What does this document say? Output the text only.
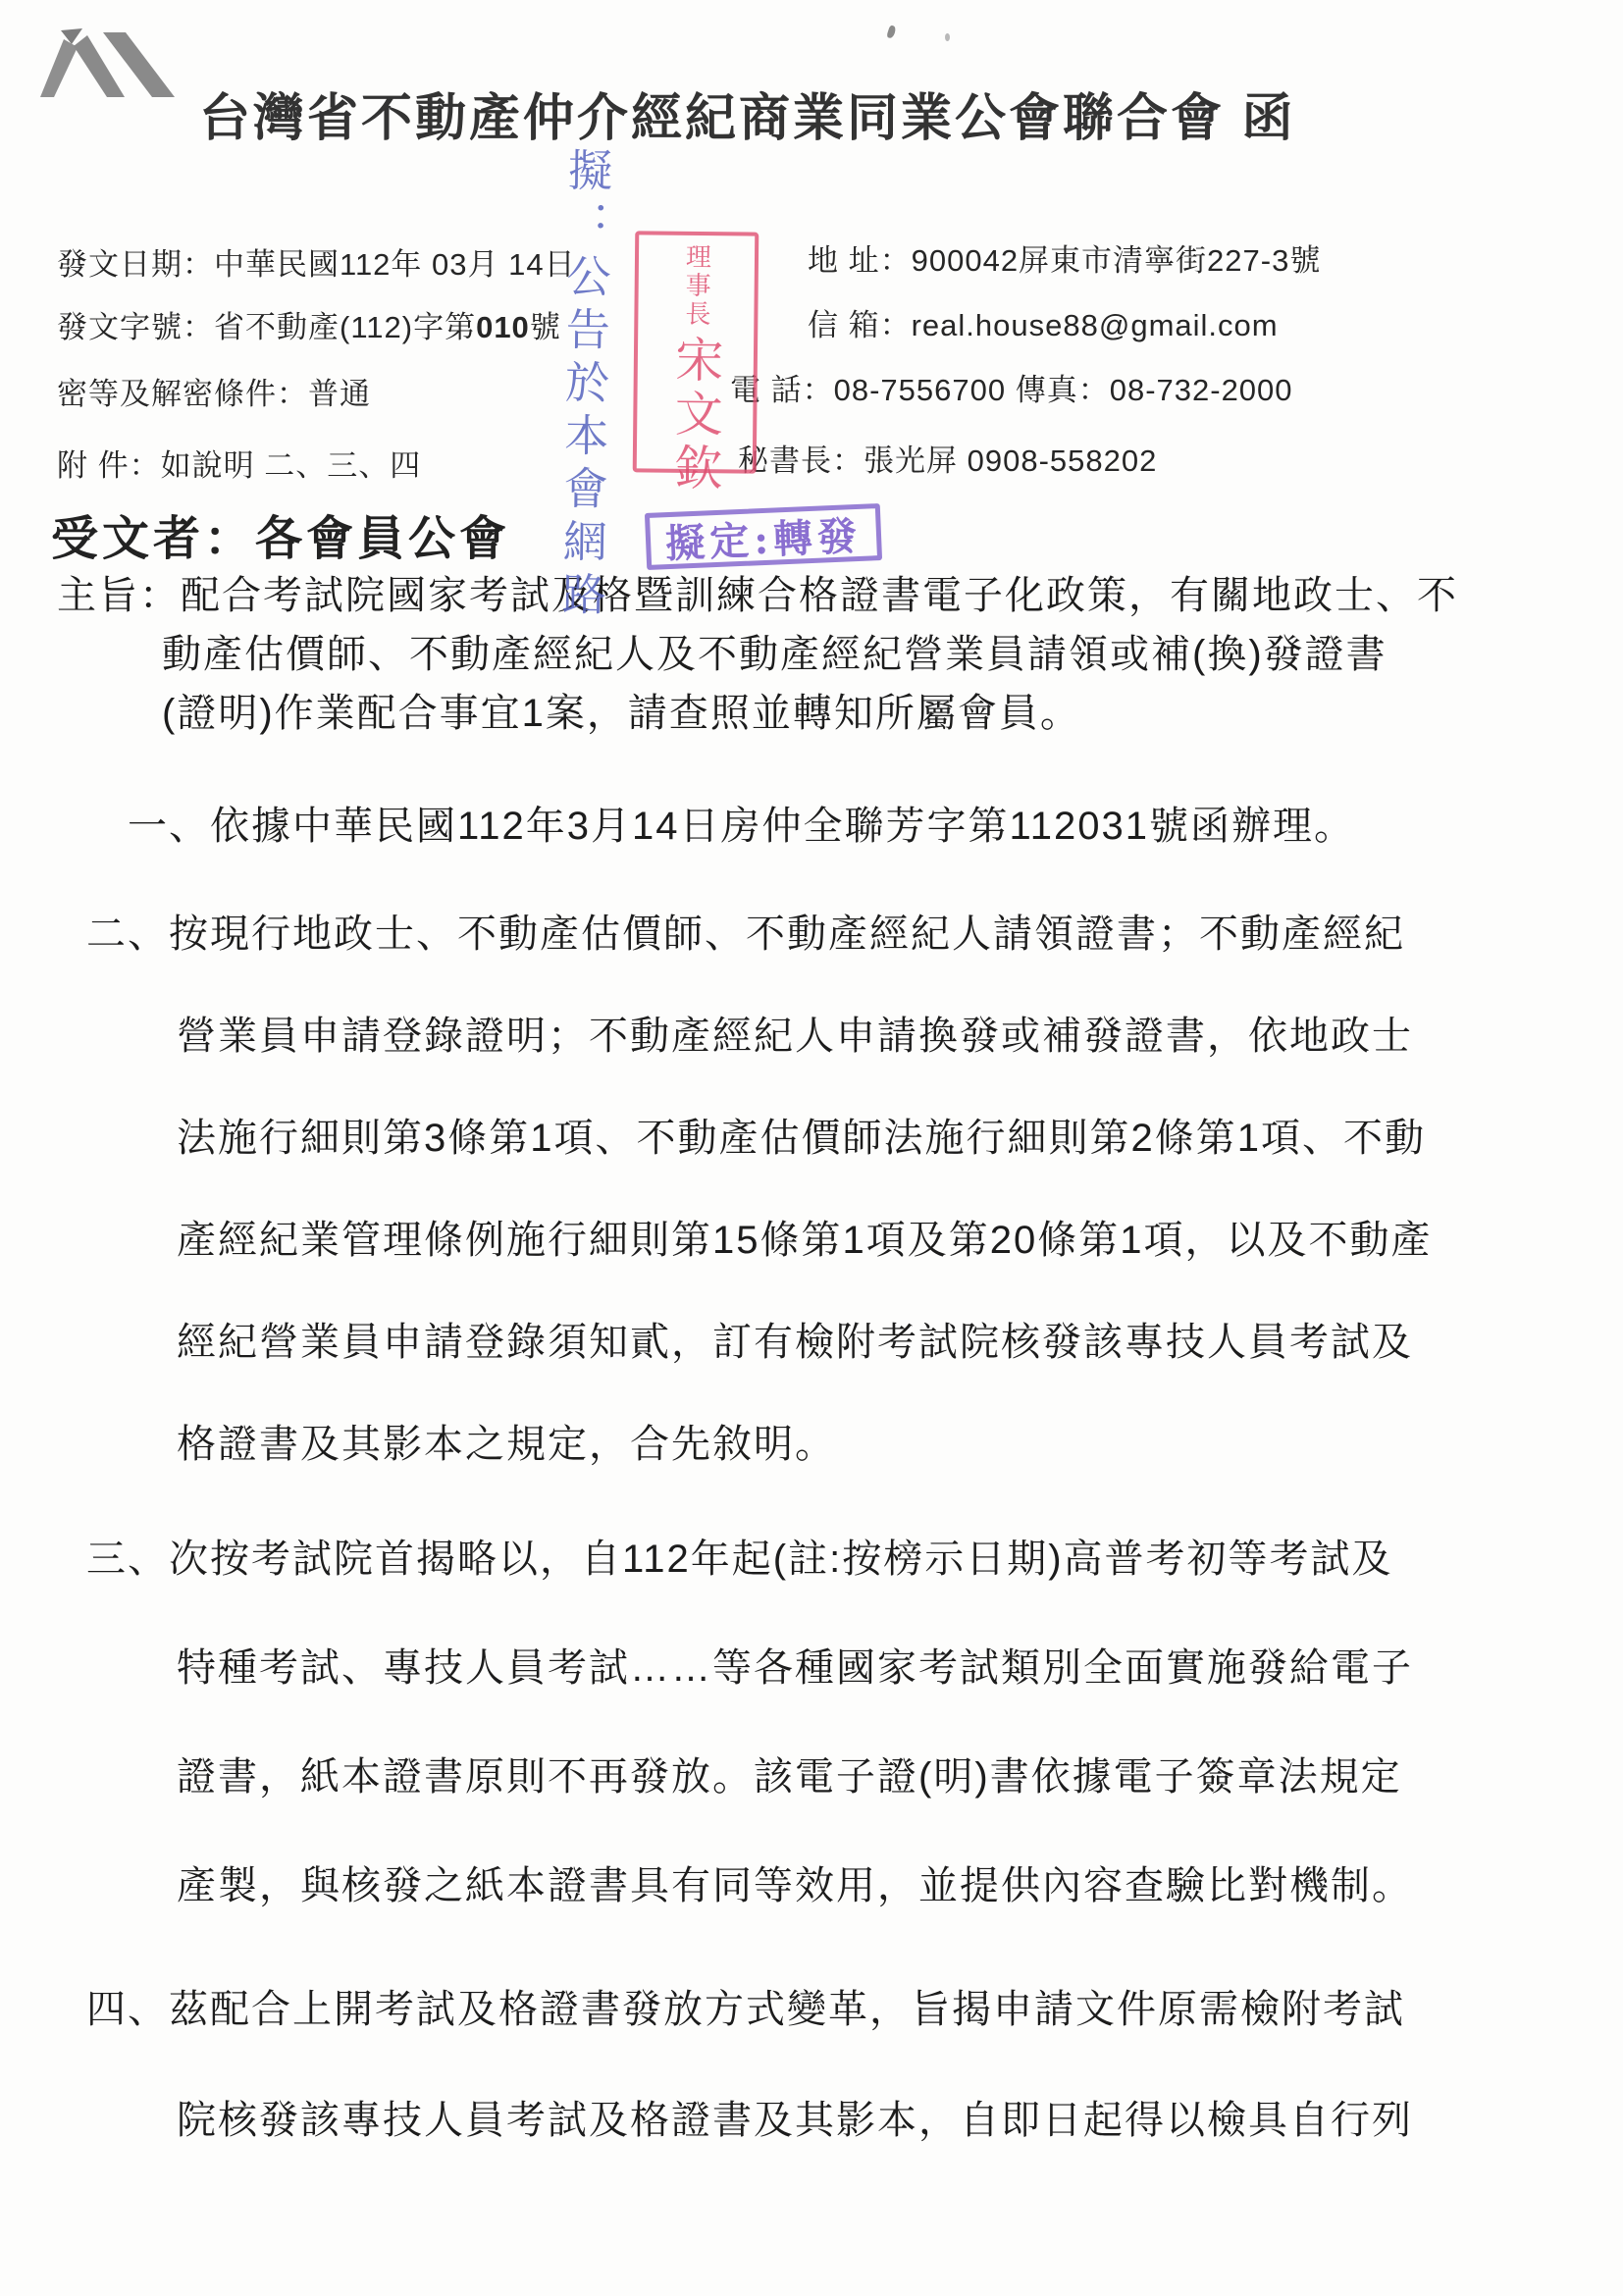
台灣省不動產仲介經紀商業同業公會聯合會 函
發文日期：中華民國112年 03月 14日
發文字號：省不動產(112)字第010號
密等及解密條件：普通
附 件：如說明 二、三、四
地 址：900042屏東市清寧街227-3號
信 箱：real.house88@gmail.com
電 話：08-7556700 傳真：08-732-2000
秘書長：張光屏 0908-558202
擬：公告於本會網路	理事長
宋文欽
擬定:轉發
受文者：各會員公會
主旨：配合考試院國家考試及格暨訓練合格證書電子化政策，有關地政士、不
動產估價師、不動產經紀人及不動產經紀營業員請領或補(換)發證書
(證明)作業配合事宜1案，請查照並轉知所屬會員。
一、依據中華民國112年3月14日房仲全聯芳字第112031號函辦理。
二、按現行地政士、不動產估價師、不動產經紀人請領證書；不動產經紀
營業員申請登錄證明；不動產經紀人申請換發或補發證書，依地政士
法施行細則第3條第1項、不動產估價師法施行細則第2條第1項、不動
產經紀業管理條例施行細則第15條第1項及第20條第1項，以及不動產
經紀營業員申請登錄須知貳，訂有檢附考試院核發該專技人員考試及
格證書及其影本之規定，合先敘明。
三、次按考試院首揭略以，自112年起(註:按榜示日期)高普考初等考試及
特種考試、專技人員考試……等各種國家考試類別全面實施發給電子
證書，紙本證書原則不再發放。該電子證(明)書依據電子簽章法規定
產製，與核發之紙本證書具有同等效用，並提供內容查驗比對機制。
四、茲配合上開考試及格證書發放方式變革，旨揭申請文件原需檢附考試
院核發該專技人員考試及格證書及其影本，自即日起得以檢具自行列
